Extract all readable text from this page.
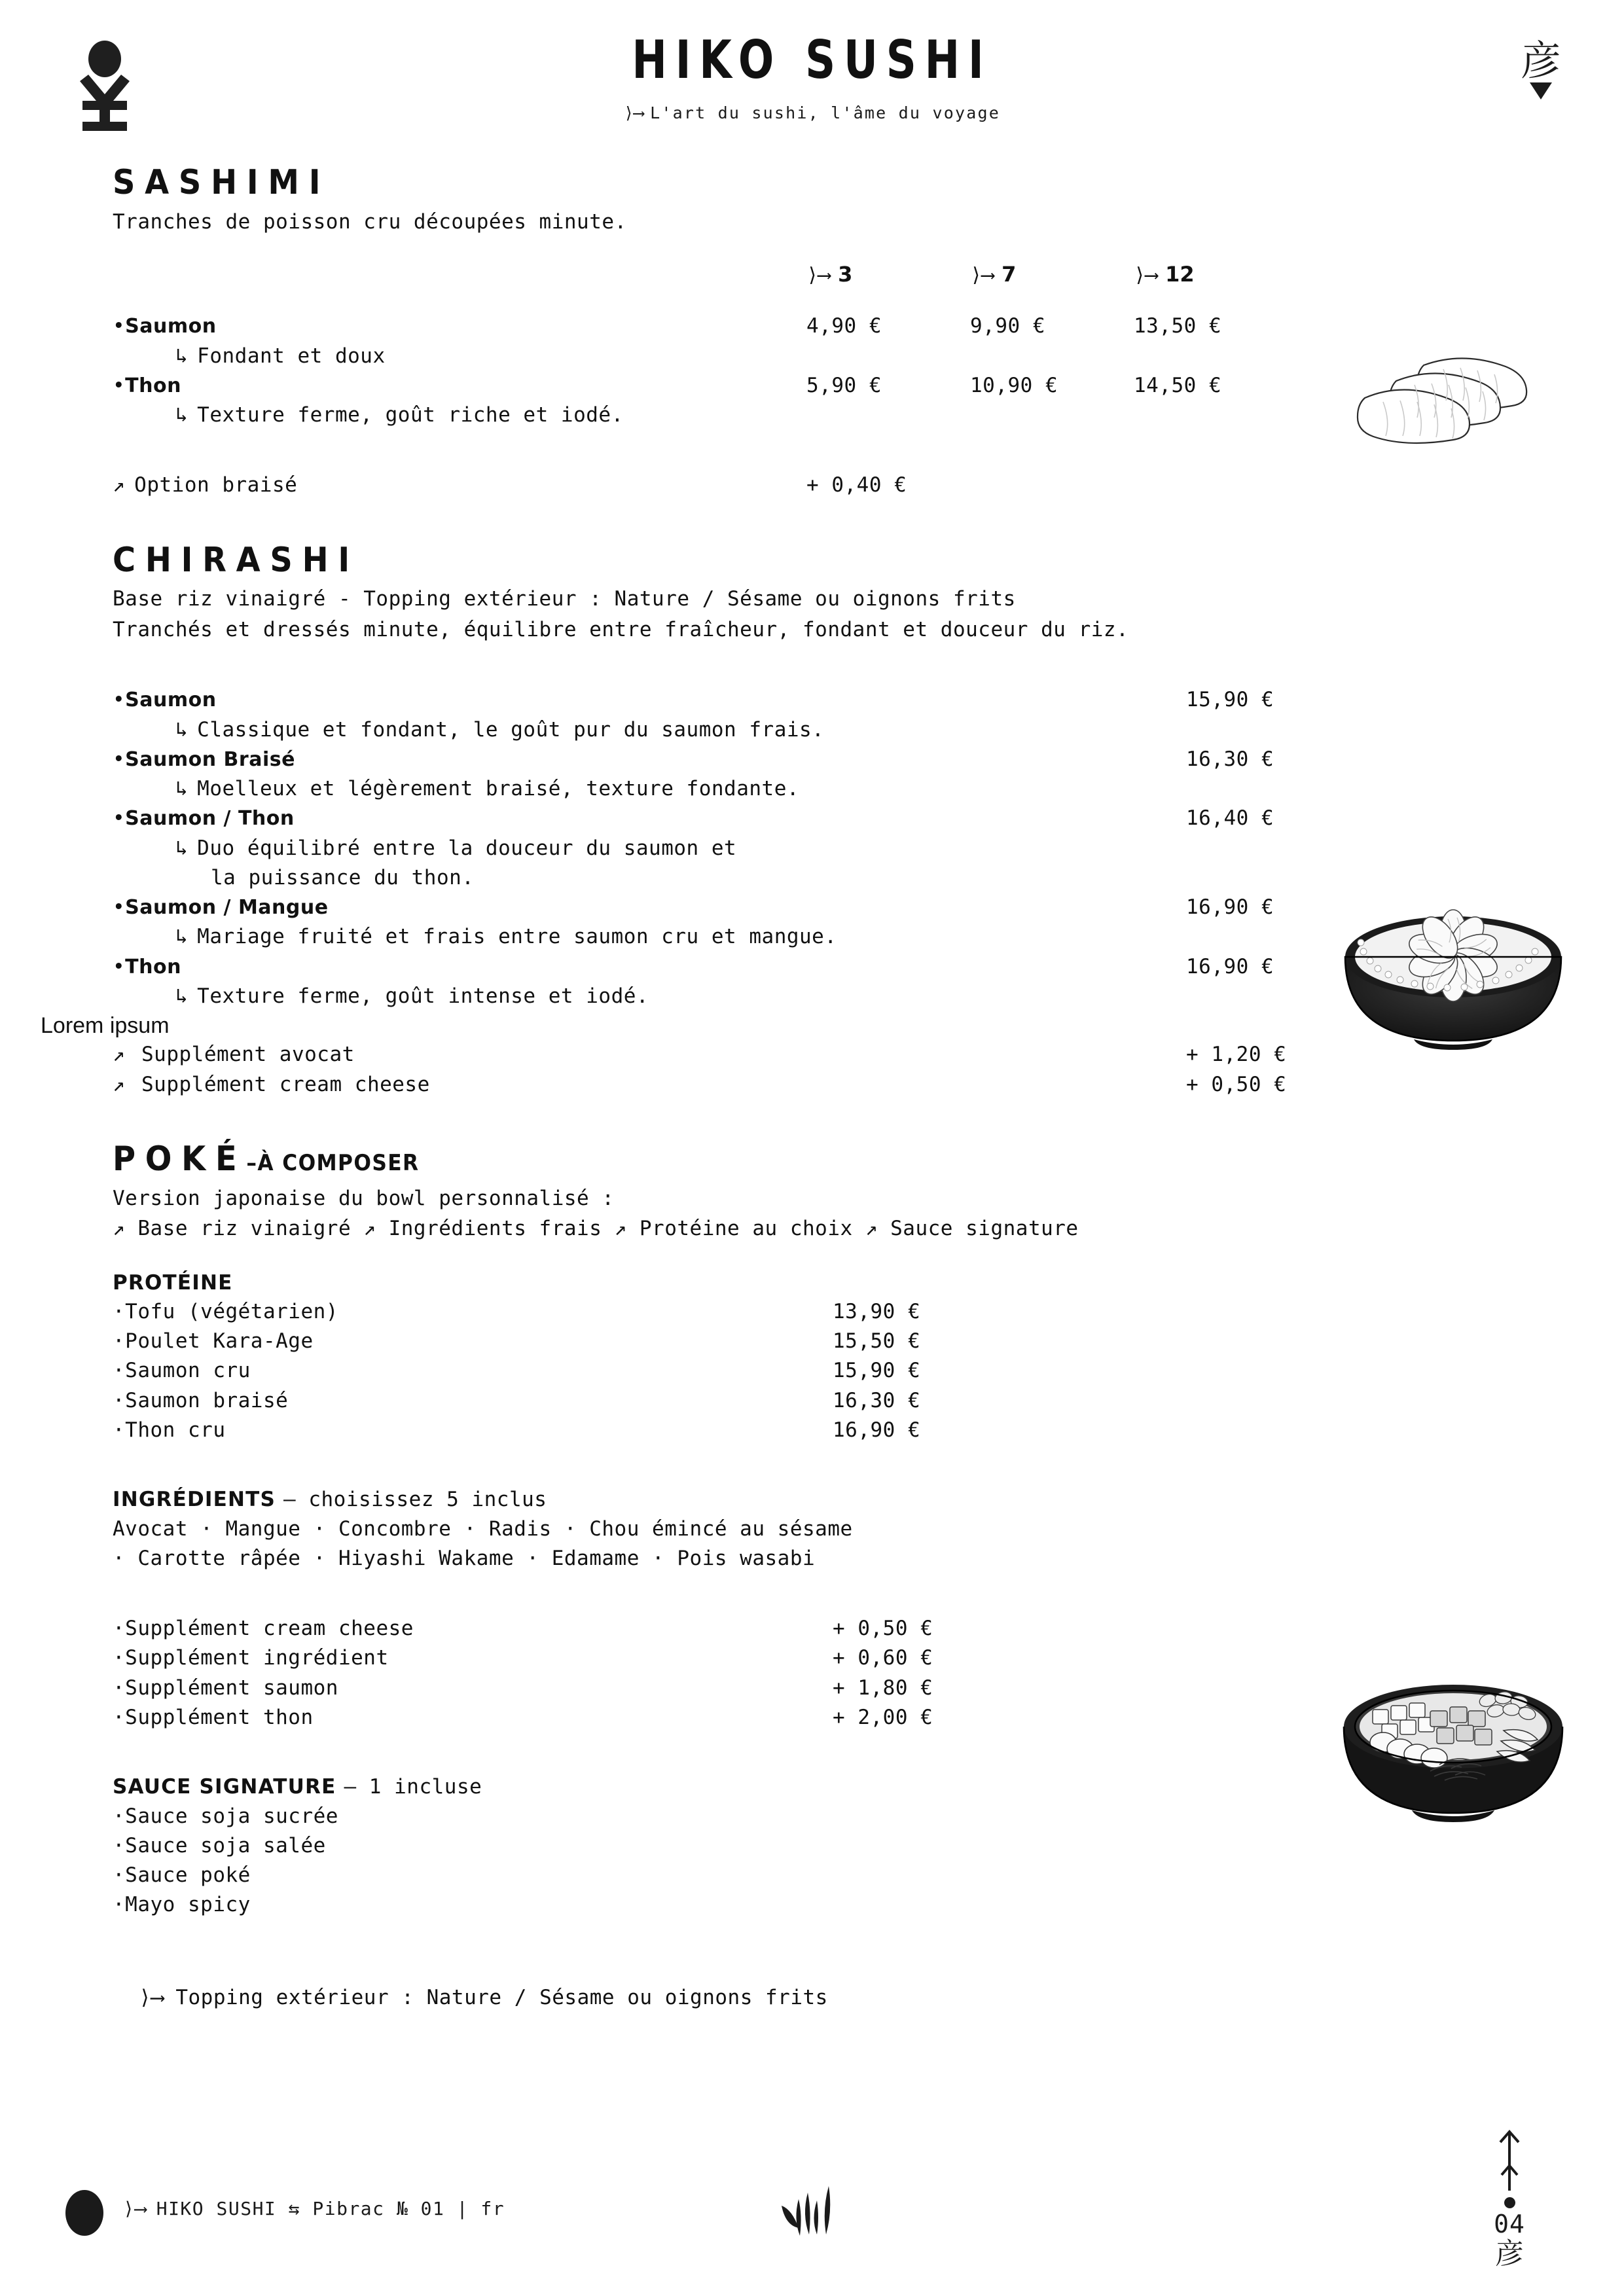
HIKO SUSHI
⟩⟶ L'art du sushi, l'âme du voyage
彦
SASHIMI

Tranches de poisson cru découpées minute.

⟩⟶ 3	⟩⟶ 7	⟩⟶ 12
•Saumon	4,90 €	9,90 €	13,50 €
↳ Fondant et doux
•Thon	5,90 €	10,90 €	14,50 €
↳ Texture ferme, goût riche et iodé.
↗ Option braisé	+ 0,40 €
CHIRASHI

Base riz vinaigré - Topping extérieur : Nature / Sésame ou oignons frits

Tranchés et dressés minute, équilibre entre fraîcheur, fondant et douceur du riz.

•Saumon	15,90 €
↳ Classique et fondant, le goût pur du saumon frais.
•Saumon Braisé	16,30 €
↳ Moelleux et légèrement braisé, texture fondante.
•Saumon / Thon	16,40 €
↳ Duo équilibré entre la douceur du saumon et
la puissance du thon.
•Saumon / Mangue	16,90 €
↳ Mariage fruité et frais entre saumon cru et mangue.
•Thon	16,90 €
↳ Texture ferme, goût intense et iodé.
Lorem ipsum
↗ Supplément avocat	+ 1,20 €
↗ Supplément cream cheese	+ 0,50 €
POKÉ–À COMPOSER

Version japonaise du bowl personnalisé :

↗ Base riz vinaigré ↗ Ingrédients frais ↗ Protéine au choix ↗ Sauce signature

PROTÉINE
·Tofu (végétarien)	13,90 €
·Poulet Kara-Age	15,50 €
·Saumon cru	15,90 €
·Saumon braisé	16,30 €
·Thon cru	16,90 €
INGRÉDIENTS – choisissez 5 inclus
Avocat · Mangue · Concombre · Radis · Chou émincé au sésame
· Carotte râpée · Hiyashi Wakame · Edamame · Pois wasabi
·Supplément cream cheese	+ 0,50 €
·Supplément ingrédient	+ 0,60 €
·Supplément saumon	+ 1,80 €
·Supplément thon	+ 2,00 €
SAUCE SIGNATURE – 1 incluse
·Sauce soja sucrée
·Sauce soja salée
·Sauce poké
·Mayo spicy
⟩⟶ Topping extérieur : Nature / Sésame ou oignons frits
⟩⟶ HIKO SUSHI ⇆ Pibrac № 01 | fr
04
彦
